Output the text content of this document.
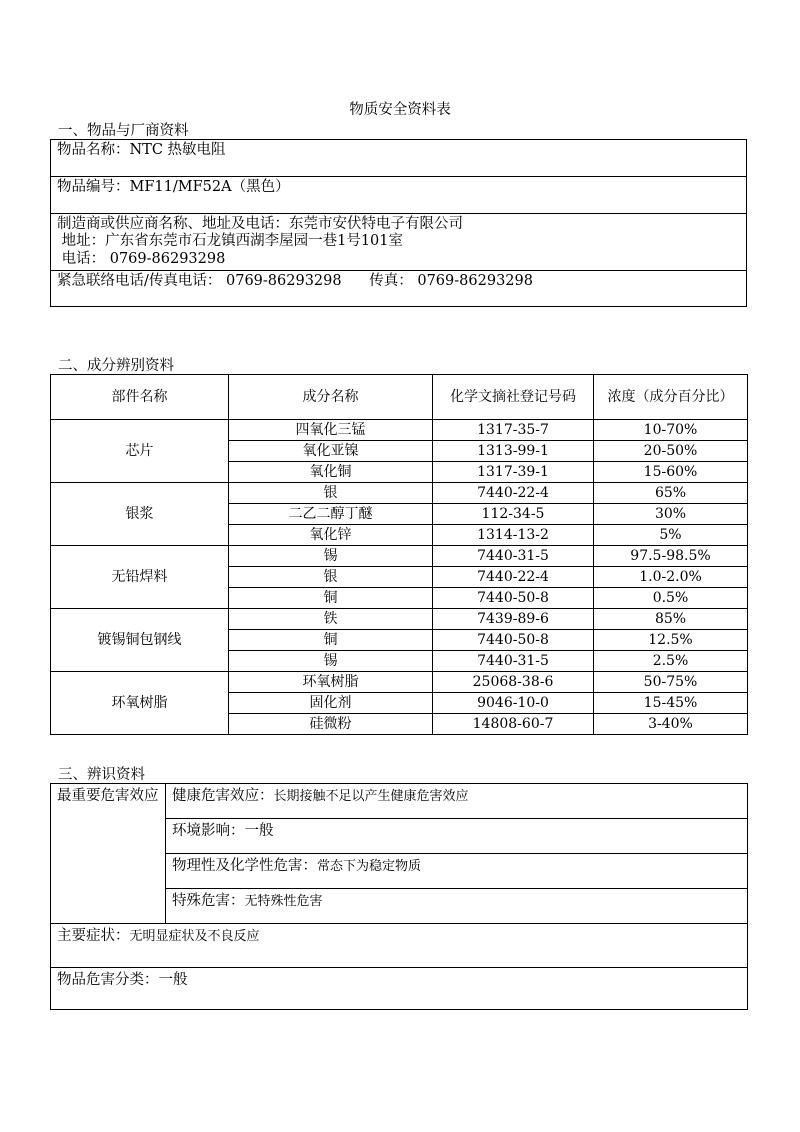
物质安全资料表
一、物品与厂商资料
物品名称：NTC 热敏电阻
物品编号：MF11/MF52A（黑色）

制造商或供应商名称、地址及电话：东莞市安伏特电子有限公司
地址：广东省东莞市石龙镇西湖李屋园一巷1号101室
电话： 0769-86293298

紧急联络电话/传真电话： 0769-86293298      传真： 0769-86293298
二、成分辨别资料
部件名称	成分名称	化学文摘社登记号码	浓度（成分百分比）
芯片	四氧化三锰	1317-35-7	10-70%
	氧化亚镍	1313-99-1	20-50%
	氧化铜	1317-39-1	15-60%
银浆	银	7440-22-4	65%
	二乙二醇丁醚	112-34-5	30%
	氧化锌	1314-13-2	5%
无铅焊料	锡	7440-31-5	97.5-98.5%
	银	7440-22-4	1.0-2.0%
	铜	7440-50-8	0.5%
镀锡铜包钢线	铁	7439-89-6	85%
	铜	7440-50-8	12.5%
	锡	7440-31-5	2.5%
环氧树脂	环氧树脂	25068-38-6	50-75%
	固化剂	9046-10-0	15-45%
	硅微粉	14808-60-7	3-40%
三、辨识资料
最重要危害效应	健康危害效应：长期接触不足以产生健康危害效应
环境影响：一般
物理性及化学性危害：常态下为稳定物质
特殊危害：无特殊性危害
主要症状：无明显症状及不良反应
物品危害分类：一般
